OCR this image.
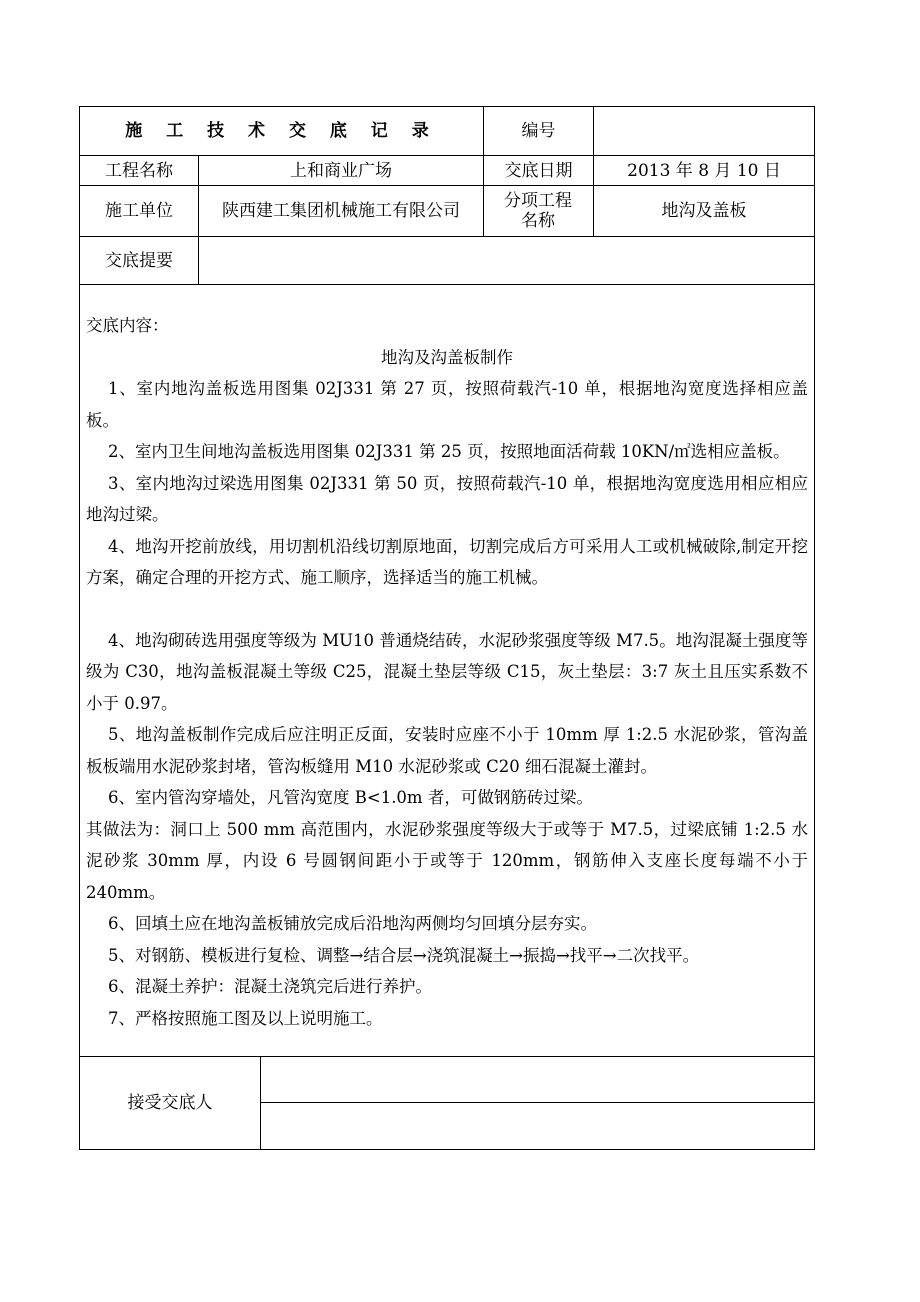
施 工 技 术 交 底 记 录	编号
工程名称	上和商业广场	交底日期	2013 年 8 月 10 日
施工单位	陕西建工集团机械施工有限公司	分项工程名称	地沟及盖板
交底提要

交底内容：

地沟及沟盖板制作

1、室内地沟盖板选用图集 02J331 第 27 页，按照荷载汽-10 单，根据地沟宽度选择相应盖板。

2、室内卫生间地沟盖板选用图集 02J331 第 25 页，按照地面活荷载 10KN/㎡选相应盖板。

3、室内地沟过梁选用图集 02J331 第 50 页，按照荷载汽-10 单，根据地沟宽度选用相应相应地沟过梁。

4、地沟开挖前放线，用切割机沿线切割原地面，切割完成后方可采用人工或机械破除,制定开挖方案，确定合理的开挖方式、施工顺序，选择适当的施工机械。

4、地沟砌砖选用强度等级为 MU10 普通烧结砖，水泥砂浆强度等级 M7.5。地沟混凝土强度等级为 C30，地沟盖板混凝土等级 C25，混凝土垫层等级 C15，灰土垫层：3:7 灰土且压实系数不小于 0.97。

5、地沟盖板制作完成后应注明正反面，安装时应座不小于 10mm 厚 1:2.5 水泥砂浆，管沟盖板板端用水泥砂浆封堵，管沟板缝用 M10 水泥砂浆或 C20 细石混凝土灌封。

6、室内管沟穿墙处，凡管沟宽度 B<1.0m 者，可做钢筋砖过梁。

其做法为：洞口上 500 mm 高范围内，水泥砂浆强度等级大于或等于 M7.5，过梁底铺 1:2.5 水泥砂浆 30mm 厚，内设 6 号圆钢间距小于或等于 120mm，钢筋伸入支座长度每端不小于 240mm。

6、回填土应在地沟盖板铺放完成后沿地沟两侧均匀回填分层夯实。

5、对钢筋、模板进行复检、调整→结合层→浇筑混凝土→振捣→找平→二次找平。

6、混凝土养护：混凝土浇筑完后进行养护。

7、严格按照施工图及以上说明施工。

接受交底人
